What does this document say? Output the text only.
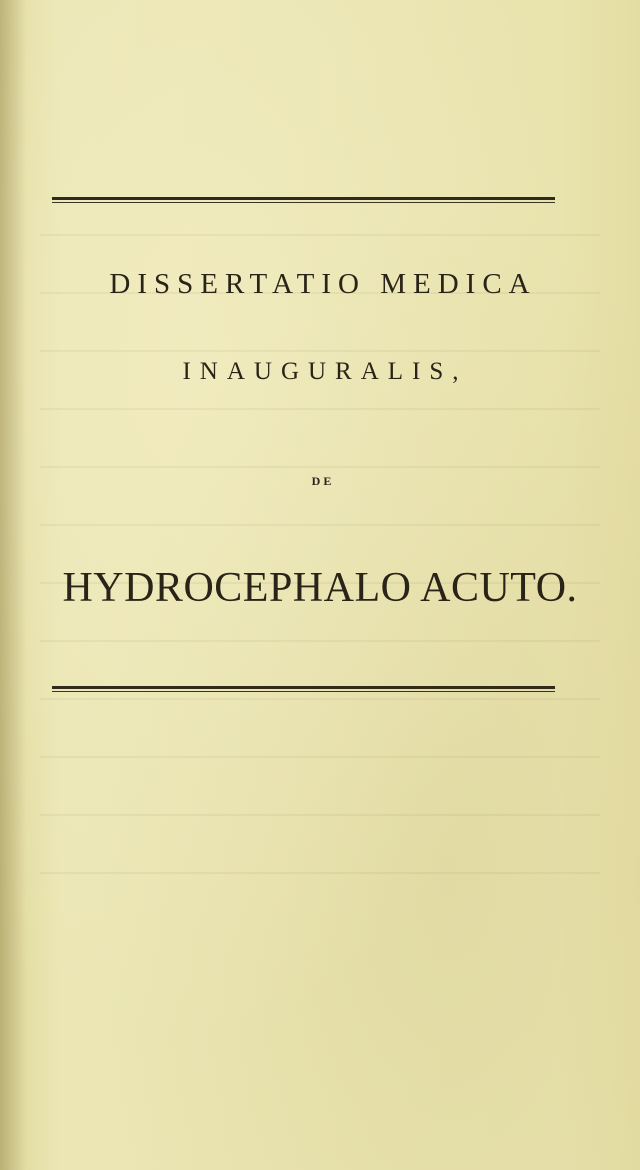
DISSERTATIO MEDICA
INAUGURALIS,
DE
HYDROCEPHALO ACUTO.
